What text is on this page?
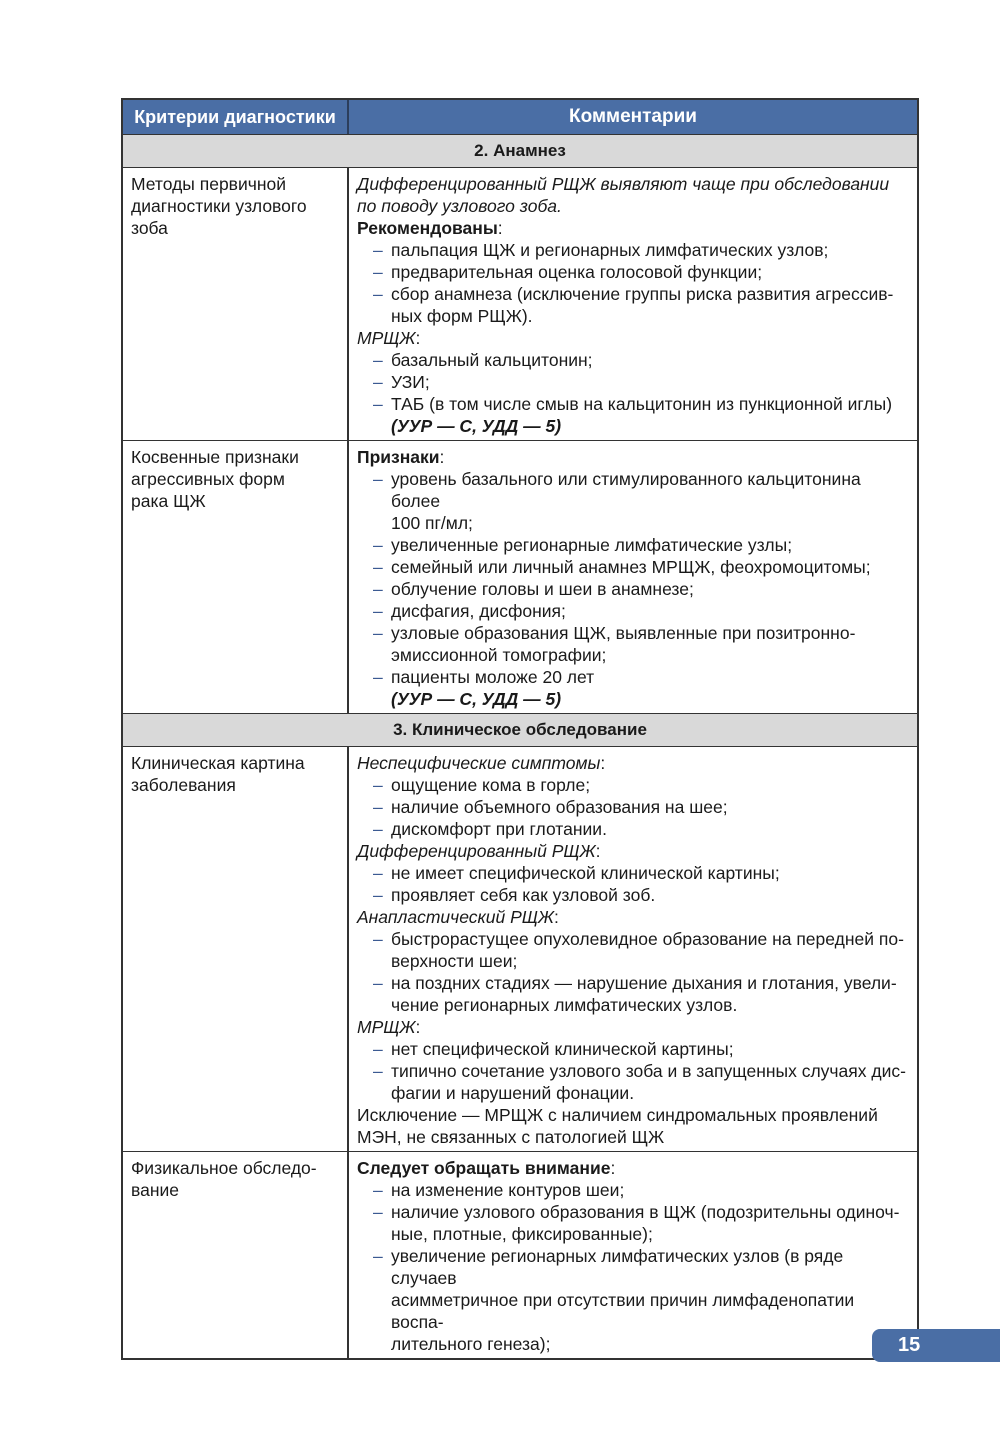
Критерии диагностики	Комментарии
2. Анамнез
Методы первичной
диагностики узлового
зоба
Дифференцированный РЩЖ выявляют чаще при обследовании
по поводу узлового зоба.
Рекомендованы:
– пальпация ЩЖ и регионарных лимфатических узлов;
– предварительная оценка голосовой функции;
– сбор анамнеза (исключение группы риска развития агрессив-
ных форм РЩЖ).
МРЩЖ:
– базальный кальцитонин;
– УЗИ;
– ТАБ (в том числе смыв на кальцитонин из пункционной иглы)
(УУР — C, УДД — 5)
Косвенные признаки
агрессивных форм
рака ЩЖ
Признаки:
– уровень базального или стимулированного кальцитонина более
100 пг/мл;
– увеличенные регионарные лимфатические узлы;
– семейный или личный анамнез МРЩЖ, феохромоцитомы;
– облучение головы и шеи в анамнезе;
– дисфагия, дисфония;
– узловые образования ЩЖ, выявленные при позитронно-
эмиссионной томографии;
– пациенты моложе 20 лет
(УУР — C, УДД — 5)
3. Клиническое обследование
Клиническая картина
заболевания
Неспецифические симптомы:
– ощущение кома в горле;
– наличие объемного образования на шее;
– дискомфорт при глотании.
Дифференцированный РЩЖ:
– не имеет специфической клинической картины;
– проявляет себя как узловой зоб.
Анапластический РЩЖ:
– быстрорастущее опухолевидное образование на передней по-
верхности шеи;
– на поздних стадиях — нарушение дыхания и глотания, увели-
чение регионарных лимфатических узлов.
МРЩЖ:
– нет специфической клинической картины;
– типично сочетание узлового зоба и в запущенных случаях дис-
фагии и нарушений фонации.
Исключение — МРЩЖ с наличием синдромальных проявлений
МЭН, не связанных с патологией ЩЖ
Физикальное обследо-
вание
Следует обращать внимание:
– на изменение контуров шеи;
– наличие узлового образования в ЩЖ (подозрительны одиноч-
ные, плотные, фиксированные);
– увеличение регионарных лимфатических узлов (в ряде случаев
асимметричное при отсутствии причин лимфаденопатии воспа-
лительного генеза);	15
